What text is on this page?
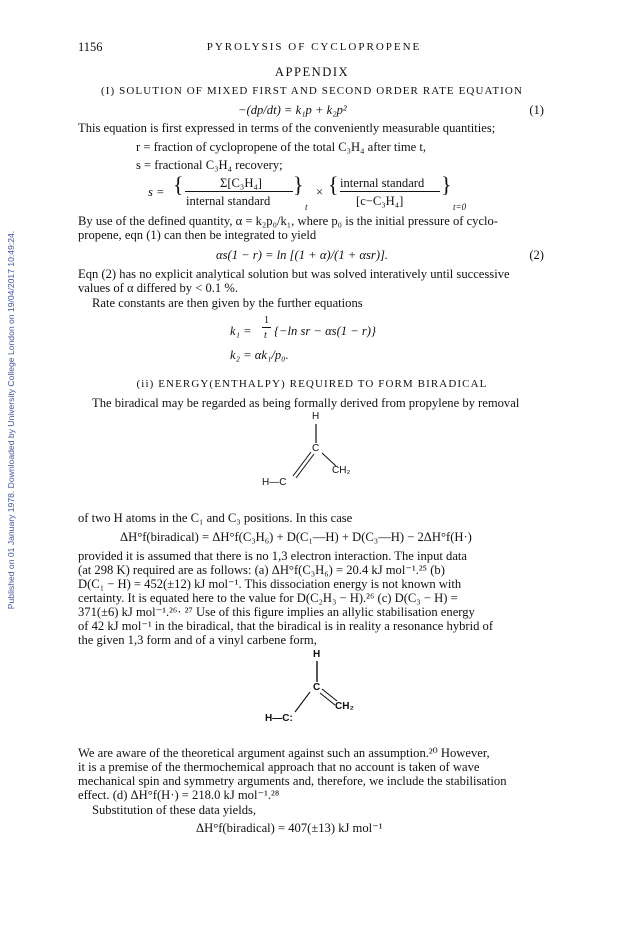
Published on 01 January 1978. Downloaded by University College London on 19/04/2017 10:49:24.
1156	PYROLYSIS OF CYCLOPROPENE
APPENDIX
(I) SOLUTION OF MIXED FIRST AND SECOND ORDER RATE EQUATION
−(dp/dt) = k₁p + k₂p²	(1)
This equation is first expressed in terms of the conveniently measurable quantities;
r = fraction of cyclopropene of the total C₃H₄ after time t,
s = fractional C₃H₄ recovery;
s = {	Σ[C₃H₄]
internal standard
}
t
× { internal standard
[c−C₃H₄]
}
t=0
By use of the defined quantity, α = k₂p₀/k₁, where p₀ is the initial pressure of cyclo-
propene, eqn (1) can then be integrated to yield
αs(1 − r) = ln [(1 + α)/(1 + αsr)].	(2)
Eqn (2) has no explicit analytical solution but was solved interatively until successive
values of α differed by < 0.1 %.
Rate constants are then given by the further equations
k₁ =
1
t {−ln sr − αs(1 − r)}
k₂ = αk₁/p₀.
(ii) ENERGY(ENTHALPY) REQUIRED TO FORM BIRADICAL
The biradical may be regarded as being formally derived from propylene by removal
H
C
H—C
CH₂
of two H atoms in the C₁ and C₃ positions. In this case
ΔH°f(biradical) = ΔH°f(C₃H₆) + D(C₁—H) + D(C₃—H) − 2ΔH°f(H·)
provided it is assumed that there is no 1,3 electron interaction. The input data
(at 298 K) required are as follows: (a) ΔH°f(C₃H₆) = 20.4 kJ mol⁻¹.²⁵ (b)
D(C₁ − H) = 452(±12) kJ mol⁻¹. This dissociation energy is not known with
certainty. It is equated here to the value for D(C₂H₃ − H).²⁶ (c) D(C₃ − H) =
371(±6) kJ mol⁻¹.²⁶· ²⁷ Use of this figure implies an allylic stabilisation energy
of 42 kJ mol⁻¹ in the biradical, that the biradical is in reality a resonance hybrid of
the given 1,3 form and of a vinyl carbene form,
H
C
H—C:
CH₂
We are aware of the theoretical argument against such an assumption.²⁰ However,
it is a premise of the thermochemical approach that no account is taken of wave
mechanical spin and symmetry arguments and, therefore, we include the stabilisation
effect. (d) ΔH°f(H·) = 218.0 kJ mol⁻¹.²⁸
Substitution of these data yields,
ΔH°f(biradical) = 407(±13) kJ mol⁻¹
